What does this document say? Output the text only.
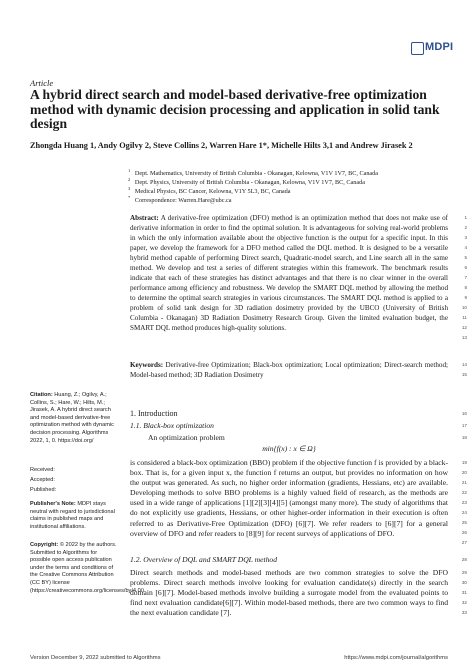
MDPI
Article
A hybrid direct search and model-based derivative-free optimization method with dynamic decision processing and application in solid tank design
Zhongda Huang 1, Andy Ogilvy 2, Steve Collins 2, Warren Hare 1*, Michelle Hilts 3,1 and Andrew Jirasek 2
$^1$ Dept. Mathematics, University of British Columbia - Okanagan, Kelowna, V1V 1V7, BC, Canada
$^2$ Dept. Physics, University of British Columbia - Okanagan, Kelowna, V1V 1V7, BC, Canada
$^3$ Medical Physics, BC Cancer, Kelowna, V1Y 5L3, BC, Canada
* Correspondence: Warren.Hare@ubc.ca
Abstract: A derivative-free optimization (DFO) method is an optimization method that does not make use of derivative information in order to find the optimal solution. It is advantageous for solving real-world problems in which the only information available about the objective function is the output for a specific input. In this paper, we develop the framework for a DFO method called the DQL method. It is designed to be a versatile hybrid method capable of performing Direct search, Quadratic-model search, and Line search all in the same method. We develop and test a series of different strategies within this framework. The benchmark results indicate that each of these strategies has distinct advantages and that there is no clear winner in the overall performance among efficiency and robustness. We develop the SMART DQL method by allowing the method to determine the optimal search strategies in various circumstances. The SMART DQL method is applied to a problem of solid tank design for 3D radiation dosimetry provided by the UBCO (University of British Columbia - Okanagan) 3D Radiation Dosimetry Research Group. Given the limited evaluation budget, the SMART DQL method produces high-quality solutions.
Keywords: Derivative-free Optimization; Black-box optimization; Local optimization; Direct-search method; Model-based method; 3D Radiation Dosimetry
Citation: Huang, Z.; Ogilvy, A.; Collins, S.; Hare, W.; Hilts, M.; Jirasek, A. A hybrid direct search and model-based derivative-free optimization method with dynamic decision processing. Algorithms 2022, 1, 0. https://doi.org/
Received:
Accepted:
Published:
Publisher's Note: MDPI stays neutral with regard to jurisdictional claims in published maps and institutional affiliations.
Copyright: © 2022 by the authors. Submitted to Algorithms for possible open access publication under the terms and conditions of the Creative Commons Attribution (CC BY) license (https://creativecommons.org/licenses/by/4.0/).
1. Introduction
1.1. Black-box optimization
An optimization problem
min{f(x) : x ∈ Ω}
is considered a black-box optimization (BBO) problem if the objective function f is provided by a black-box. That is, for a given input x, the function f returns an output, but provides no information on how the output was generated. As such, no higher order information (gradients, Hessians, etc) are available. Developing methods to solve BBO problems is a highly valued field of research, as the methods are used in a wide range of applications [1][2][3][4][5] (amongst many more). The study of algorithms that do not explicitly use gradients, Hessians, or other higher-order information in their execution is often referred to as Derivative-Free Optimization (DFO) [6][7]. We refer readers to [6][7] for a general overview of DFO and refer readers to [8][9] for recent surveys of applications of DFO.
1.2. Overview of DQL and SMART DQL method
Direct search methods and model-based methods are two common strategies to solve the DFO problems. Direct search methods involve looking for evaluation candidate(s) directly in the search domain [6][7]. Model-based methods involve building a surrogate model from the evaluated points to find next evaluation candidate[6][7]. Within model-based methods, there are two common ways to find the next evaluation candidate [7].
1
2
3
4
5
6
7
8
9
10
11
12
13
14
15
16
17
18
19
20
21
22
23
24
25
26
27
28
29
30
31
32
33
Version December 9, 2022 submitted to Algorithms	https://www.mdpi.com/journal/algorithms
